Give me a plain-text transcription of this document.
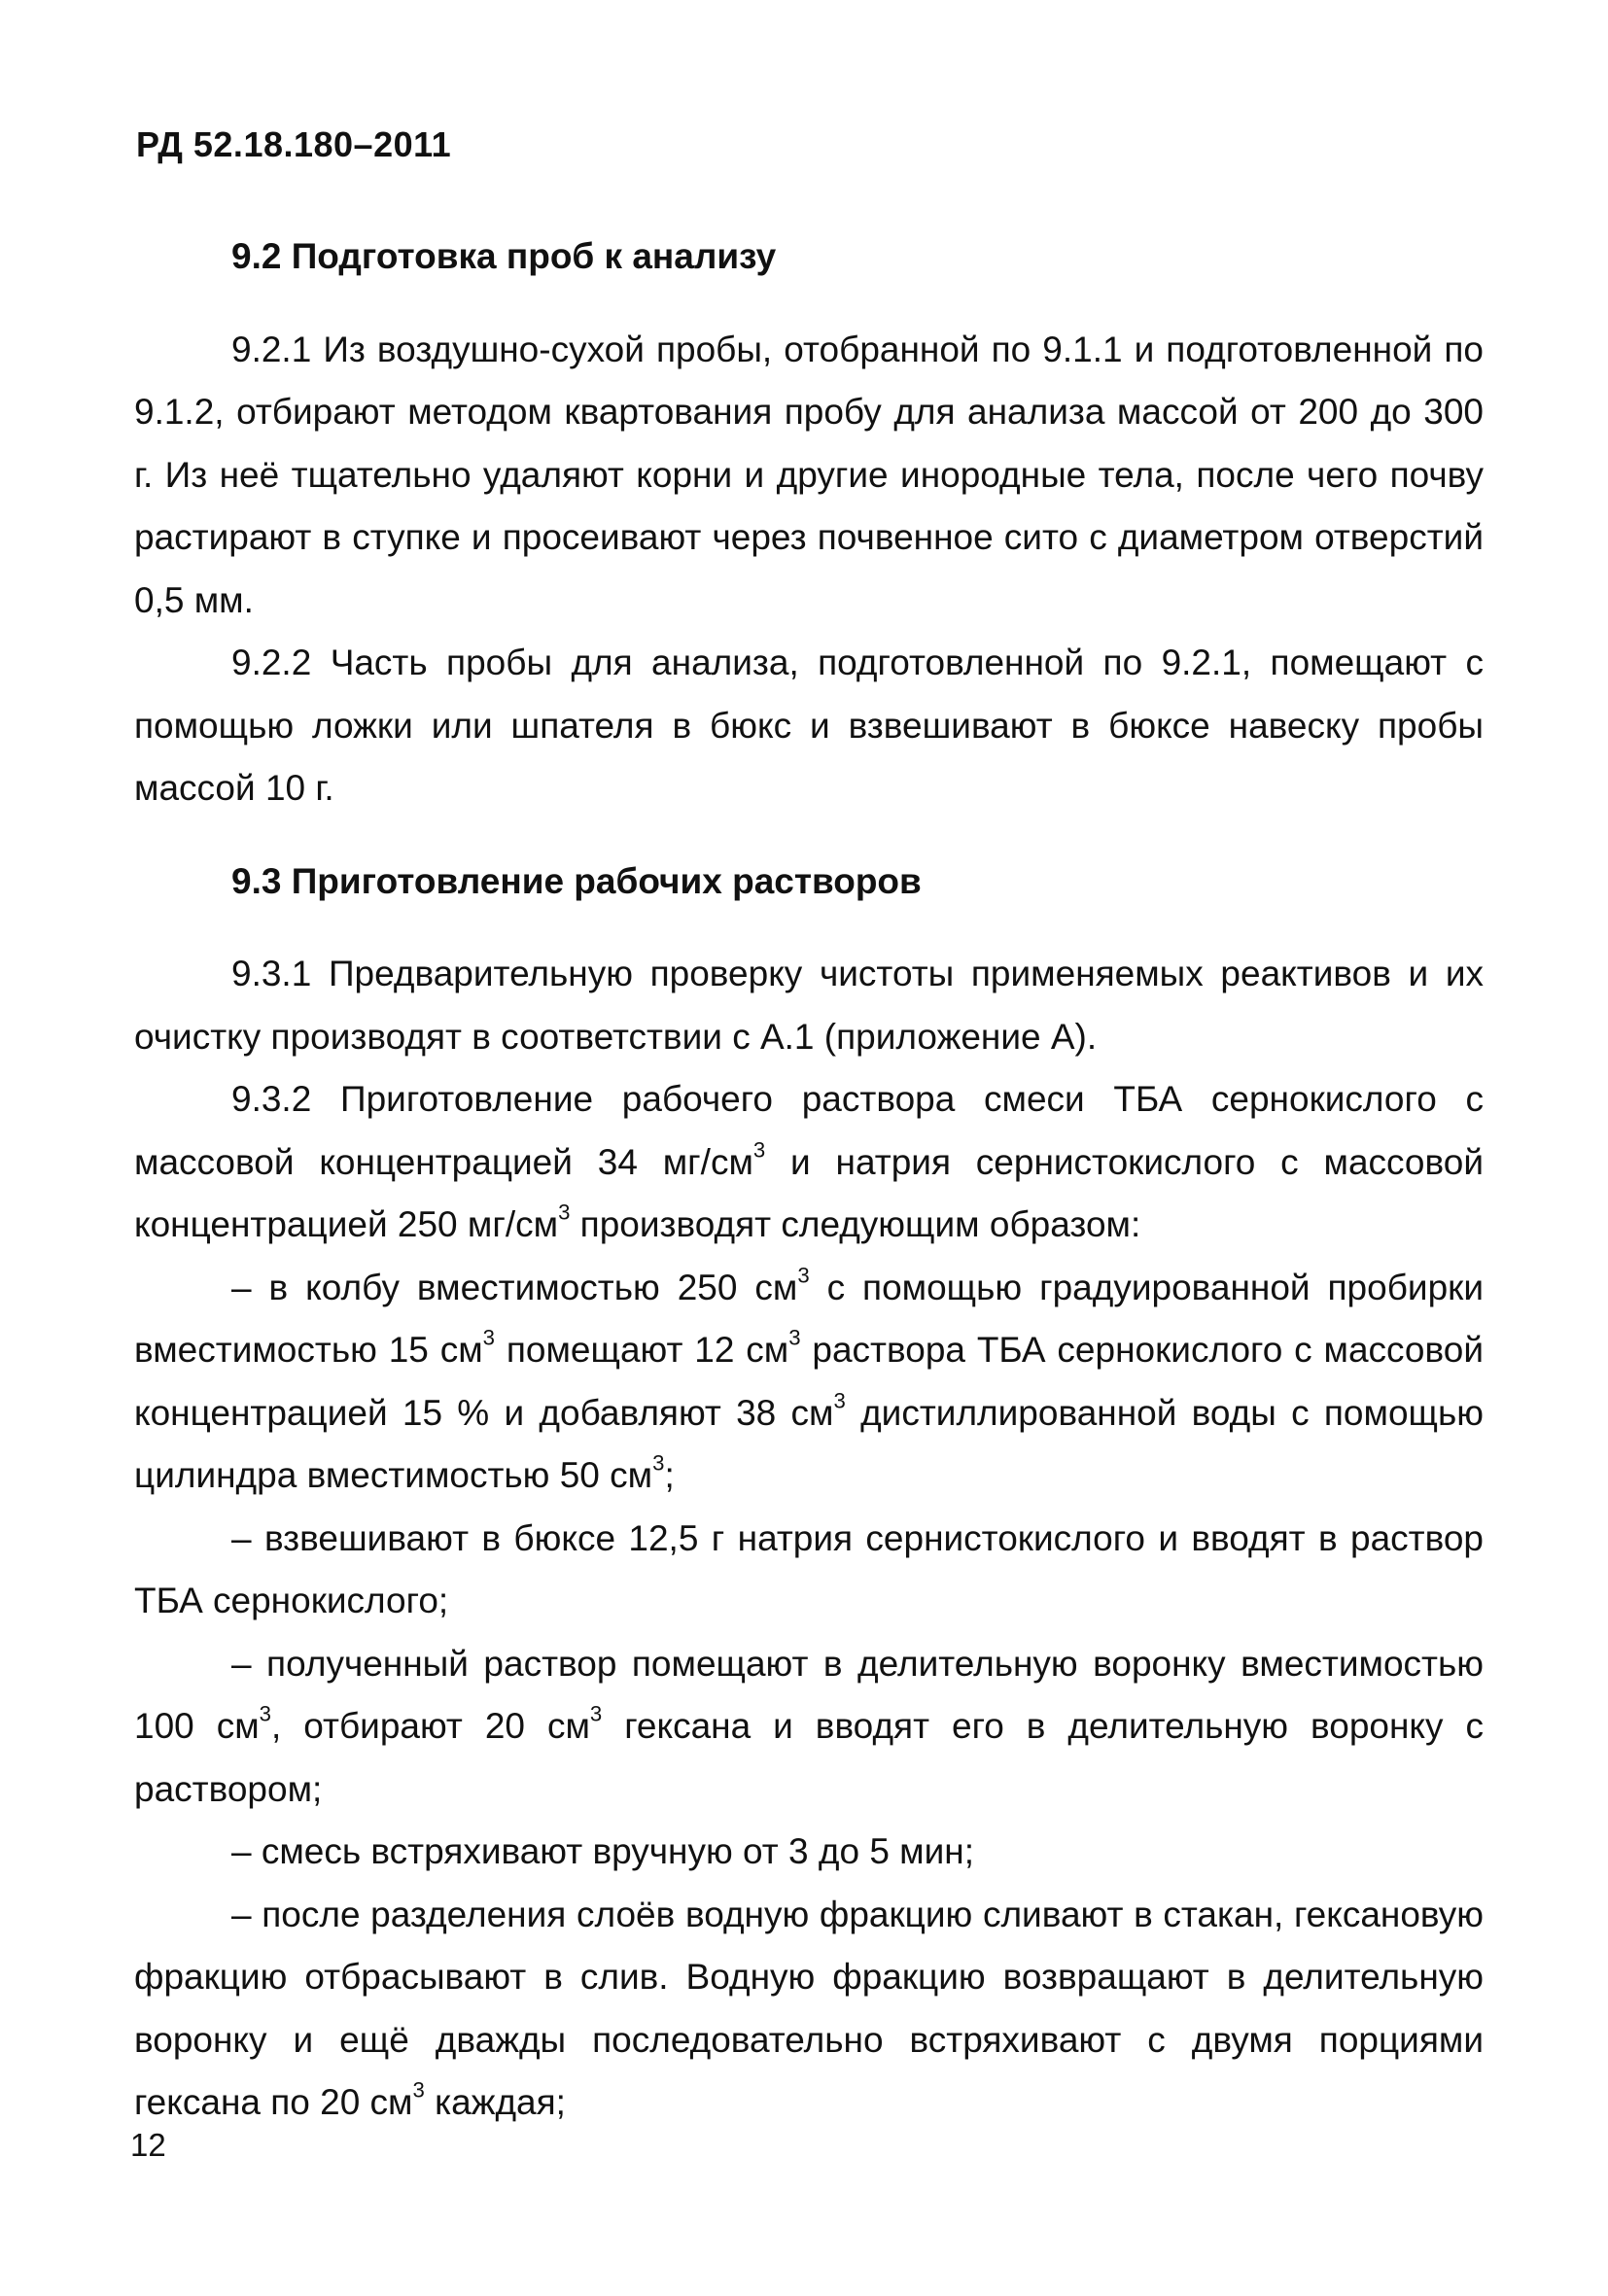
РД 52.18.180–2011

9.2 Подготовка проб к анализу

9.2.1 Из воздушно-сухой пробы, отобранной по 9.1.1 и подготовленной по 9.1.2, отбирают методом квартования пробу для анализа массой от 200 до 300 г. Из неё тщательно удаляют корни и другие инородные тела, после чего почву растирают в ступке и просеивают через почвенное сито с диаметром отверстий 0,5 мм.

9.2.2 Часть пробы для анализа, подготовленной по 9.2.1, помещают с помощью ложки или шпателя в бюкс и взвешивают в бюксе навеску пробы массой 10 г.

9.3 Приготовление рабочих растворов

9.3.1 Предварительную проверку чистоты применяемых реактивов и их очистку производят в соответствии с А.1 (приложение А).

9.3.2 Приготовление рабочего раствора смеси ТБА сернокислого с массовой концентрацией 34 $мг/см^3$ и натрия сернистокислого с массовой концентрацией 250 $мг/см^3$ производят следующим образом:

– в колбу вместимостью 250 $см^3$ с помощью градуированной пробирки вместимостью 15 $см^3$ помещают 12 $см^3$ раствора ТБА сернокислого с массовой концентрацией 15 % и добавляют 38 $см^3$ дистиллированной воды с помощью цилиндра вместимостью 50 $см^3$;

– взвешивают в бюксе 12,5 г натрия сернистокислого и вводят в раствор ТБА сернокислого;

– полученный раствор помещают в делительную воронку вместимостью 100 $см^3$, отбирают 20 $см^3$ гексана и вводят его в делительную воронку с раствором;

– смесь встряхивают вручную от 3 до 5 мин;

– после разделения слоёв водную фракцию сливают в стакан, гексановую фракцию отбрасывают в слив. Водную фракцию возвращают в делительную воронку и ещё дважды последовательно встряхивают с двумя порциями гексана по 20 $см^3$ каждая;

12
